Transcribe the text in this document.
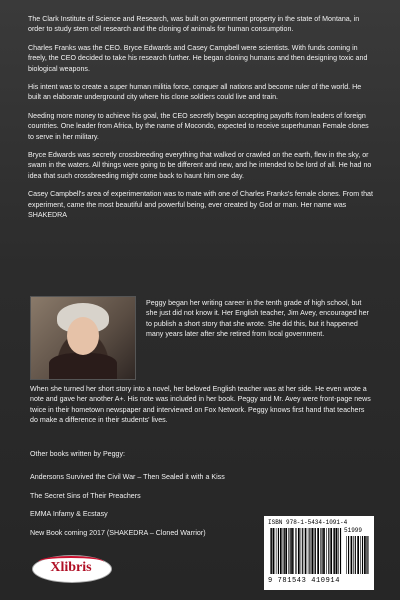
The Clark Institute of Science and Research, was built on government property in the state of Montana, in order to study stem cell research and the cloning of animals for human consumption.

Charles Franks was the CEO. Bryce Edwards and Casey Campbell were scientists. With funds coming in freely, the CEO decided to take his research further. He began cloning humans and then designing toxic and biological weapons.

His intent was to create a super human militia force, conquer all nations and become ruler of the world. He built an elaborate underground city where his clone soldiers could live and train.

Needing more money to achieve his goal, the CEO secretly began accepting payoffs from leaders of foreign countries. One leader from Africa, by the name of Mocondo, expected to receive superhuman Female clones to serve in her military.

Bryce Edwards was secretly crossbreeding everything that walked or crawled on the earth, flew in the sky, or swam in the waters. All things were going to be different and new, and he intended to be lord of all. He had no idea that such crossbreeding might come back to haunt him one day.

Casey Campbell's area of experimentation was to mate with one of Charles Franks's female clones. From that experiment, came the most beautiful and powerful being, ever created by God or man. Her name was SHAKEDRA

Peggy began her writing career in the tenth grade of high school, but she just did not know it. Her English teacher, Jim Avey, encouraged her to publish a short story that she wrote. She did this, but it happened many years later after she retired from local government.

When she turned her short story into a novel, her beloved English teacher was at her side. He even wrote a note and gave her another A+. His note was included in her book. Peggy and Mr. Avey were front-page news twice in their hometown newspaper and interviewed on Fox Network. Peggy knows first hand that teachers do make a difference in their students' lives.

Other books written by Peggy:
Andersons Survived the Civil War – Then Sealed it with a Kiss
The Secret Sins of Their Preachers
EMMA Infamy & Ecstasy
New Book coming 2017 (SHAKEDRA – Cloned Warrior)
Xlibris
ISBN 978-1-5434-1091-4
51999
9 781543 410914
